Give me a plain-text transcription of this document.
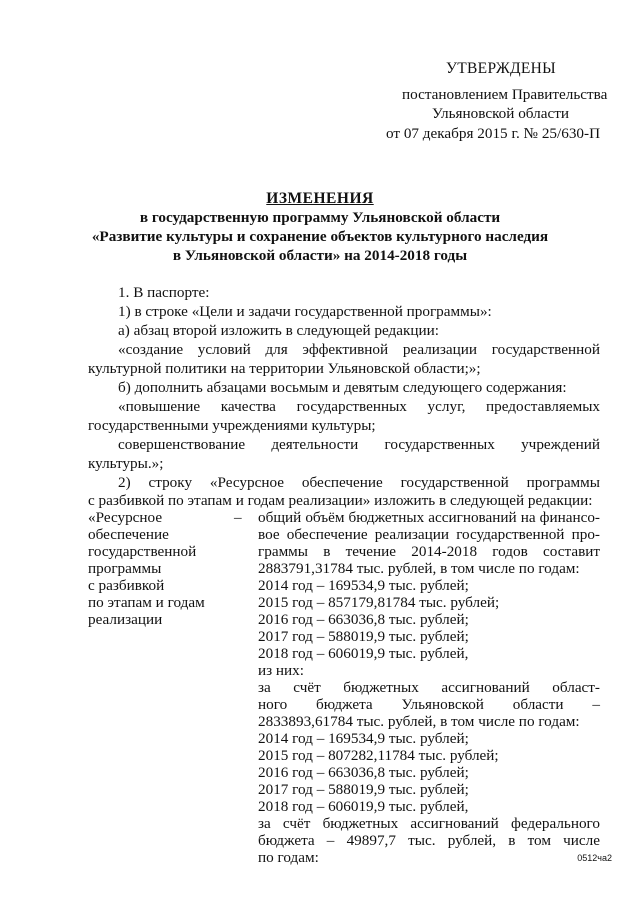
УТВЕРЖДЕНЫ
постановлением Правительства
Ульяновской области
от 07 декабря 2015 г. № 25/630-П
ИЗМЕНЕНИЯ
в государственную программу Ульяновской области
«Развитие культуры и сохранение объектов культурного наследия
в Ульяновской области» на 2014-2018 годы
1. В паспорте:
1) в строке «Цели и задачи государственной программы»:
а) абзац второй изложить в следующей редакции:
«создание условий для эффективной реализации государственной
культурной политики на территории Ульяновской области;»;
б) дополнить абзацами восьмым и девятым следующего содержания:
«повышение качества государственных услуг, предоставляемых
государственными учреждениями культуры;
совершенствование деятельности государственных учреждений
культуры.»;
2) строку «Ресурсное обеспечение государственной программы
с разбивкой по этапам и годам реализации» изложить в следующей редакции:
«Ресурсное
обеспечение
государственной
программы
с разбивкой
по этапам и годам
реализации
– общий объём бюджетных ассигнований на финансо-
вое обеспечение реализации государственной про-
граммы в течение 2014-2018 годов составит
2883791,31784 тыс. рублей, в том числе по годам:
2014 год – 169534,9 тыс. рублей;
2015 год – 857179,81784 тыс. рублей;
2016 год – 663036,8 тыс. рублей;
2017 год – 588019,9 тыс. рублей;
2018 год – 606019,9 тыс. рублей,
из них:
за счёт бюджетных ассигнований област-
ного бюджета Ульяновской области –
2833893,61784 тыс. рублей, в том числе по годам:
2014 год – 169534,9 тыс. рублей;
2015 год – 807282,11784 тыс. рублей;
2016 год – 663036,8 тыс. рублей;
2017 год – 588019,9 тыс. рублей;
2018 год – 606019,9 тыс. рублей,
за счёт бюджетных ассигнований федерального
бюджета – 49897,7 тыс. рублей, в том числе
по годам:	0512ча2
